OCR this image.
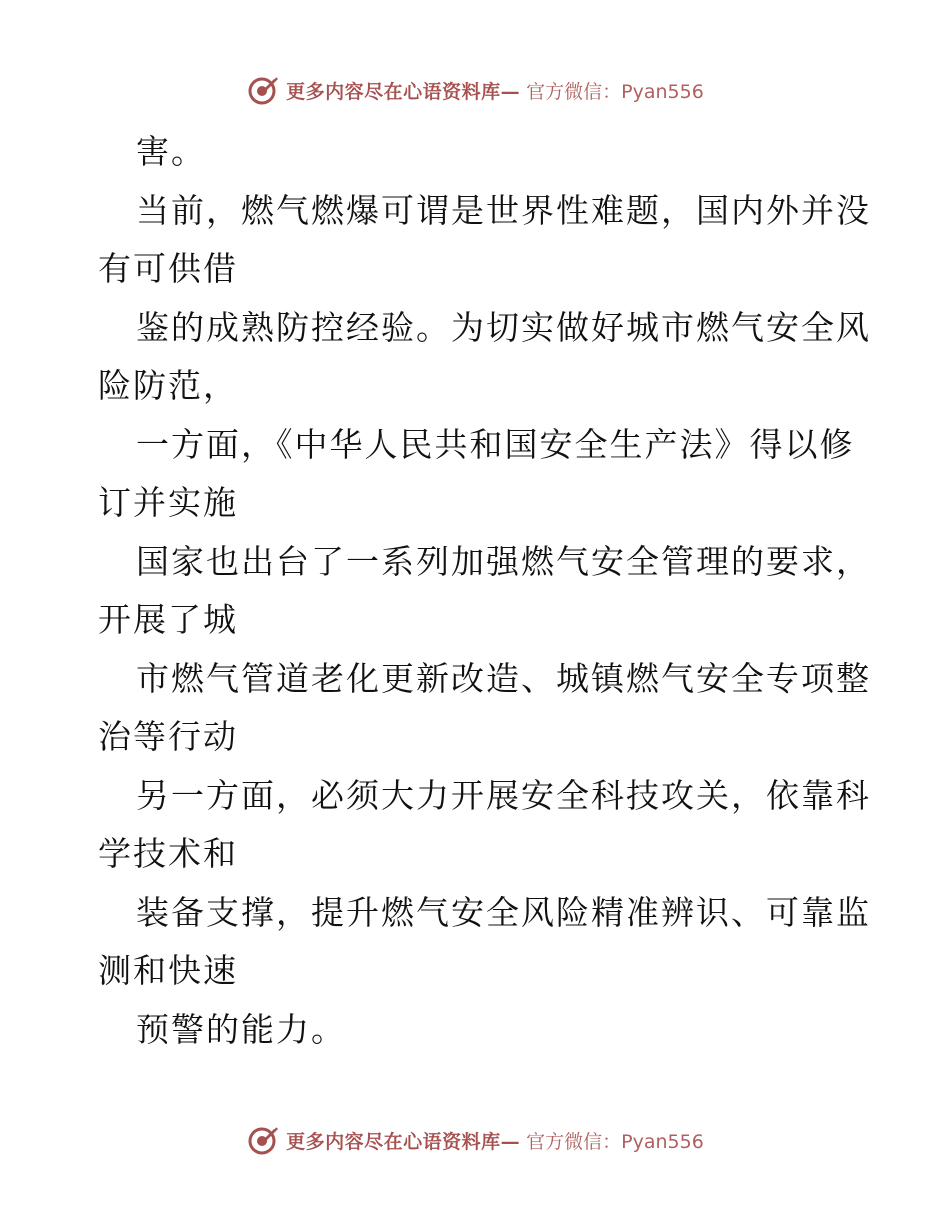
更多内容尽在心语资料库— 官方微信：Pyan556
害。
当前，燃气燃爆可谓是世界性难题，国内外并没
有可供借
鉴的成熟防控经验。为切实做好城市燃气安全风
险防范，
一方面，《中华人民共和国安全生产法》得以修
订并实施
国家也出台了一系列加强燃气安全管理的要求，
开展了城
市燃气管道老化更新改造、城镇燃气安全专项整
治等行动
另一方面，必须大力开展安全科技攻关，依靠科
学技术和
装备支撑，提升燃气安全风险精准辨识、可靠监
测和快速
预警的能力。
更多内容尽在心语资料库— 官方微信：Pyan556
